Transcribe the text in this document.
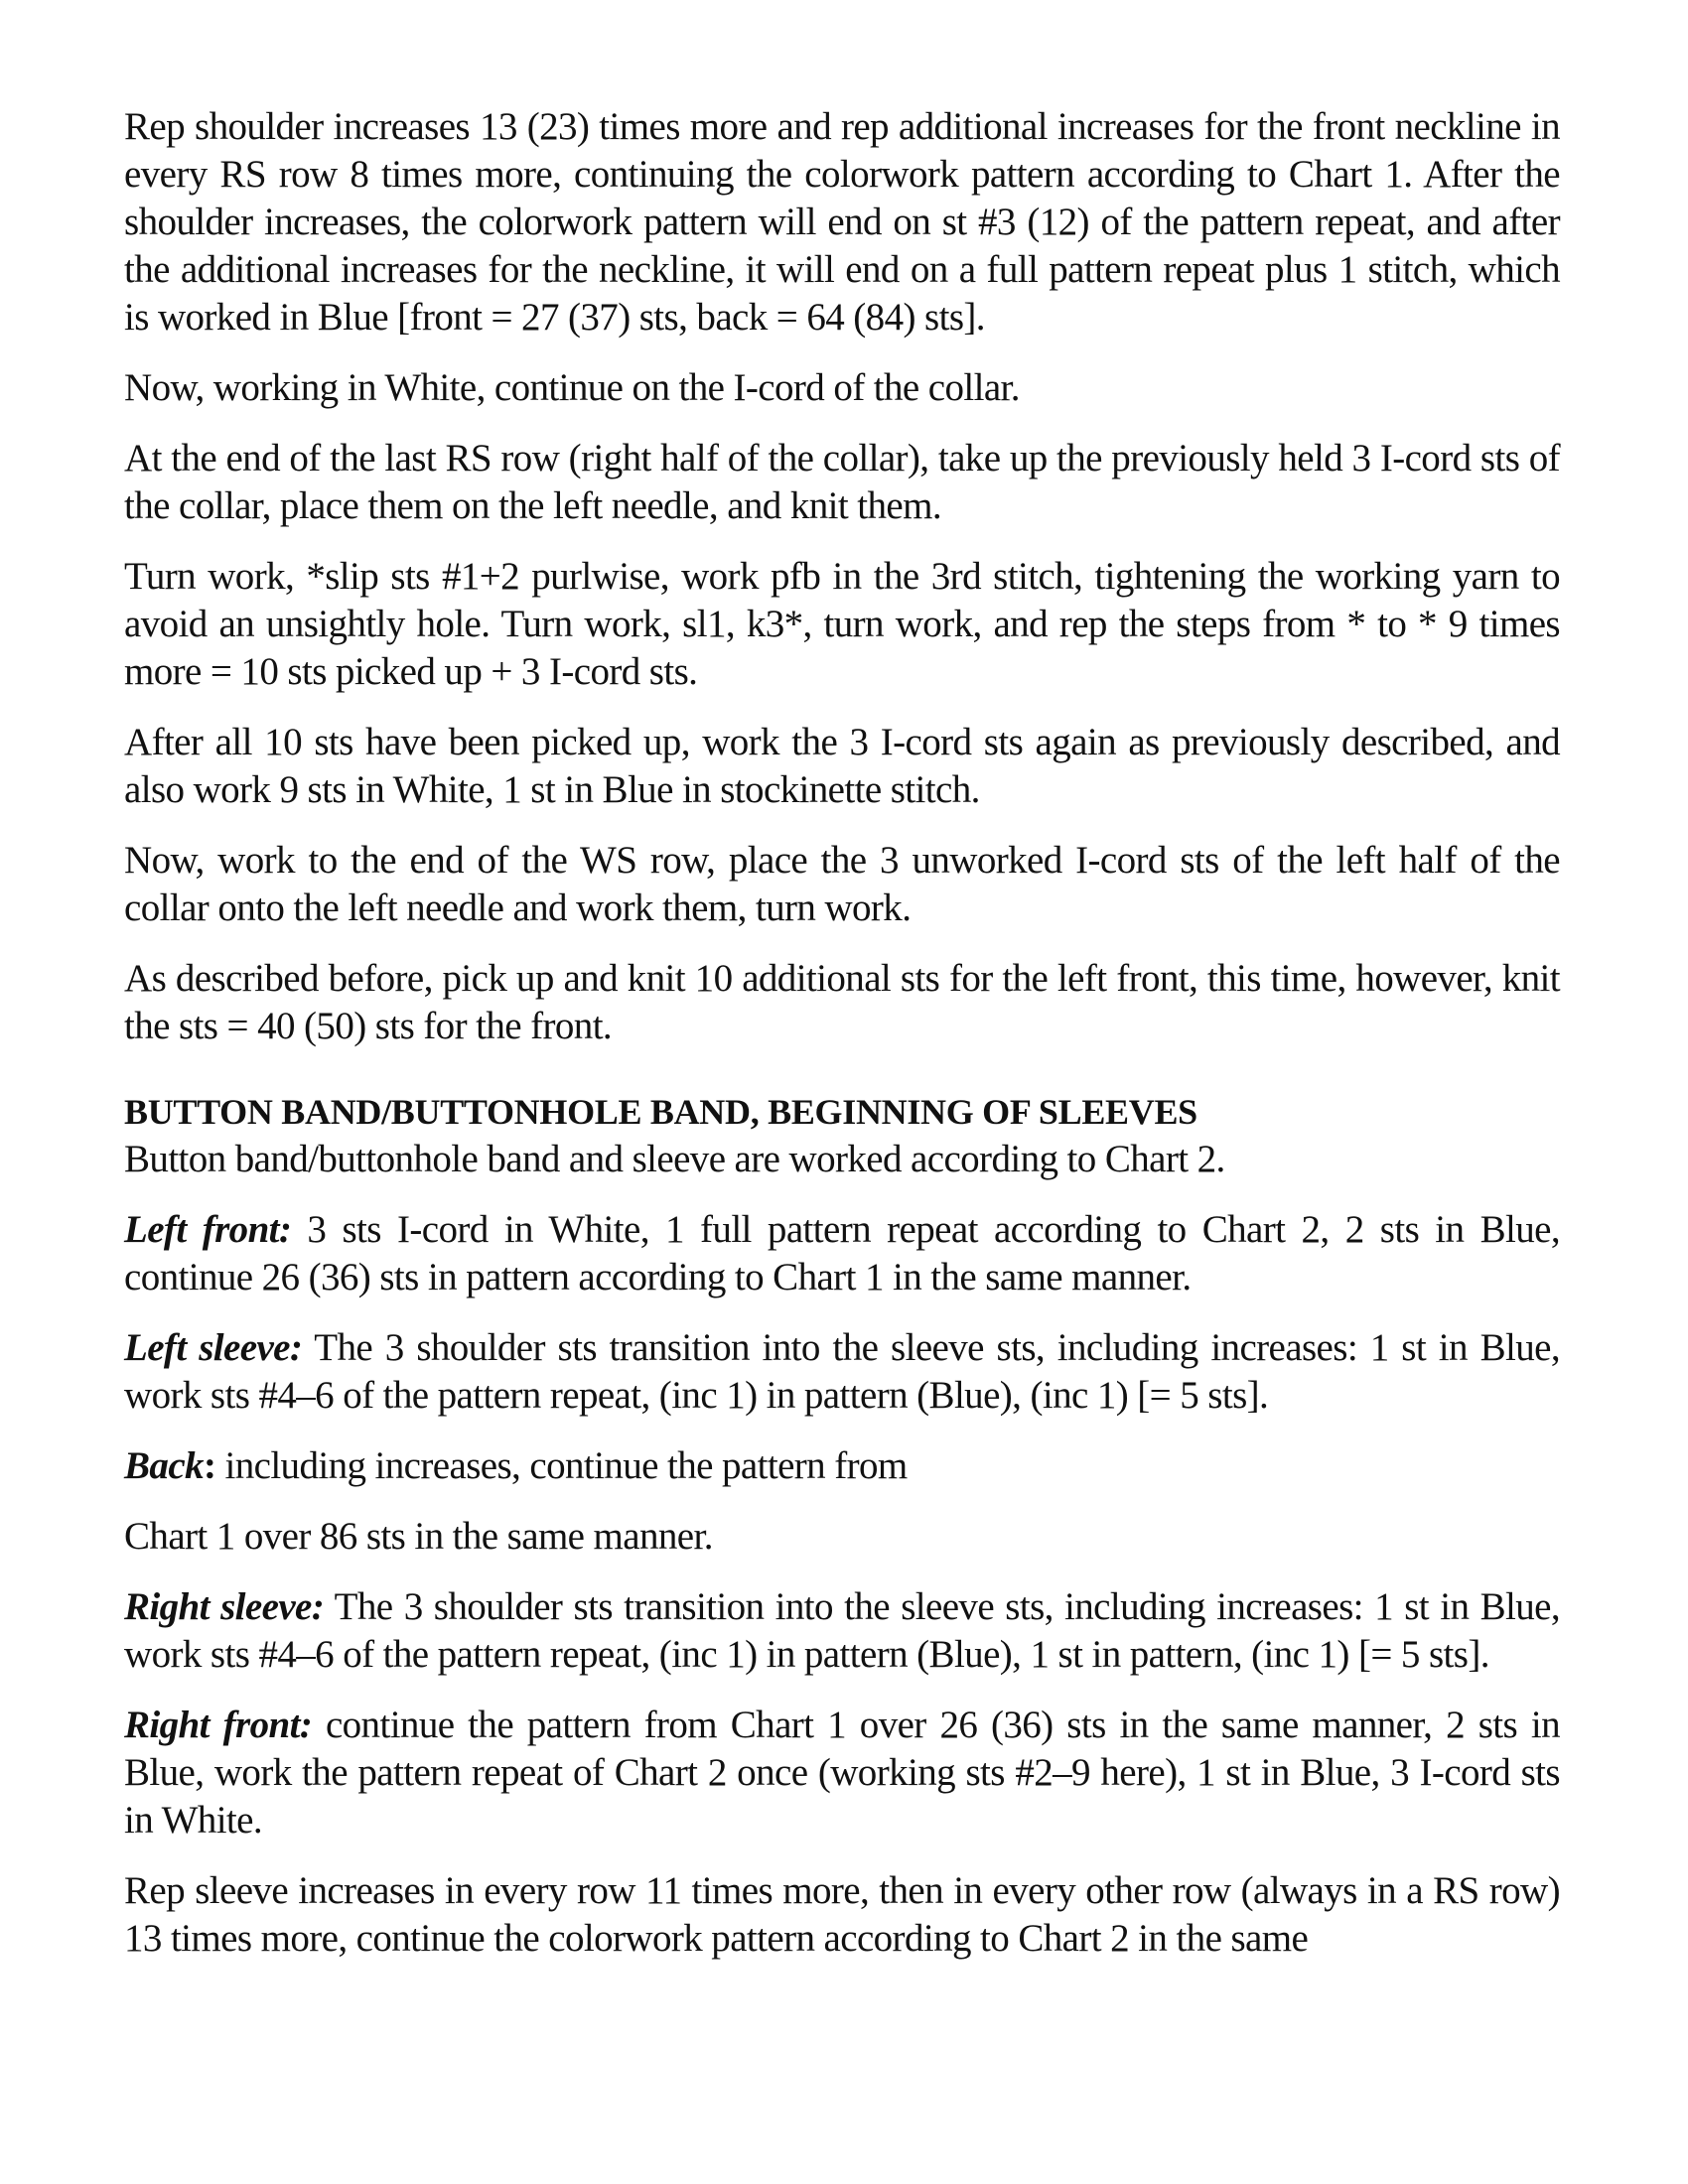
Rep shoulder increases 13 (23) times more and rep additional increases for the front neckline in every RS row 8 times more, continuing the colorwork pattern according to Chart 1. After the shoulder increases, the colorwork pattern will end on st #3 (12) of the pattern repeat, and after the additional increases for the neckline, it will end on a full pattern repeat plus 1 stitch, which is worked in Blue [front = 27 (37) sts, back = 64 (84) sts].

Now, working in White, continue on the I-cord of the collar.

At the end of the last RS row (right half of the collar), take up the previously held 3 I-cord sts of the collar, place them on the left needle, and knit them.

Turn work, *slip sts #1+2 purlwise, work pfb in the 3rd stitch, tightening the working yarn to avoid an unsightly hole. Turn work, sl1, k3*, turn work, and rep the steps from * to * 9 times more = 10 sts picked up + 3 I-cord sts.

After all 10 sts have been picked up, work the 3 I-cord sts again as previously described, and also work 9 sts in White, 1 st in Blue in stockinette stitch.

Now, work to the end of the WS row, place the 3 unworked I-cord sts of the left half of the collar onto the left needle and work them, turn work.

As described before, pick up and knit 10 additional sts for the left front, this time, however, knit the sts = 40 (50) sts for the front.

BUTTON BAND/BUTTONHOLE BAND, BEGINNING OF SLEEVES

Button band/buttonhole band and sleeve are worked according to Chart 2.

Left front: 3 sts I-cord in White, 1 full pattern repeat according to Chart 2, 2 sts in Blue, continue 26 (36) sts in pattern according to Chart 1 in the same manner.

Left sleeve: The 3 shoulder sts transition into the sleeve sts, including increases: 1 st in Blue, work sts #4–6 of the pattern repeat, (inc 1) in pattern (Blue), (inc 1) [= 5 sts].

Back: including increases, continue the pattern from

Chart 1 over 86 sts in the same manner.

Right sleeve: The 3 shoulder sts transition into the sleeve sts, including increases: 1 st in Blue, work sts #4–6 of the pattern repeat, (inc 1) in pattern (Blue), 1 st in pattern, (inc 1) [= 5 sts].

Right front: continue the pattern from Chart 1 over 26 (36) sts in the same manner, 2 sts in Blue, work the pattern repeat of Chart 2 once (working sts #2–9 here), 1 st in Blue, 3 I-cord sts in White.

Rep sleeve increases in every row 11 times more, then in every other row (always in a RS row) 13 times more, continue the colorwork pattern according to Chart 2 in the same
